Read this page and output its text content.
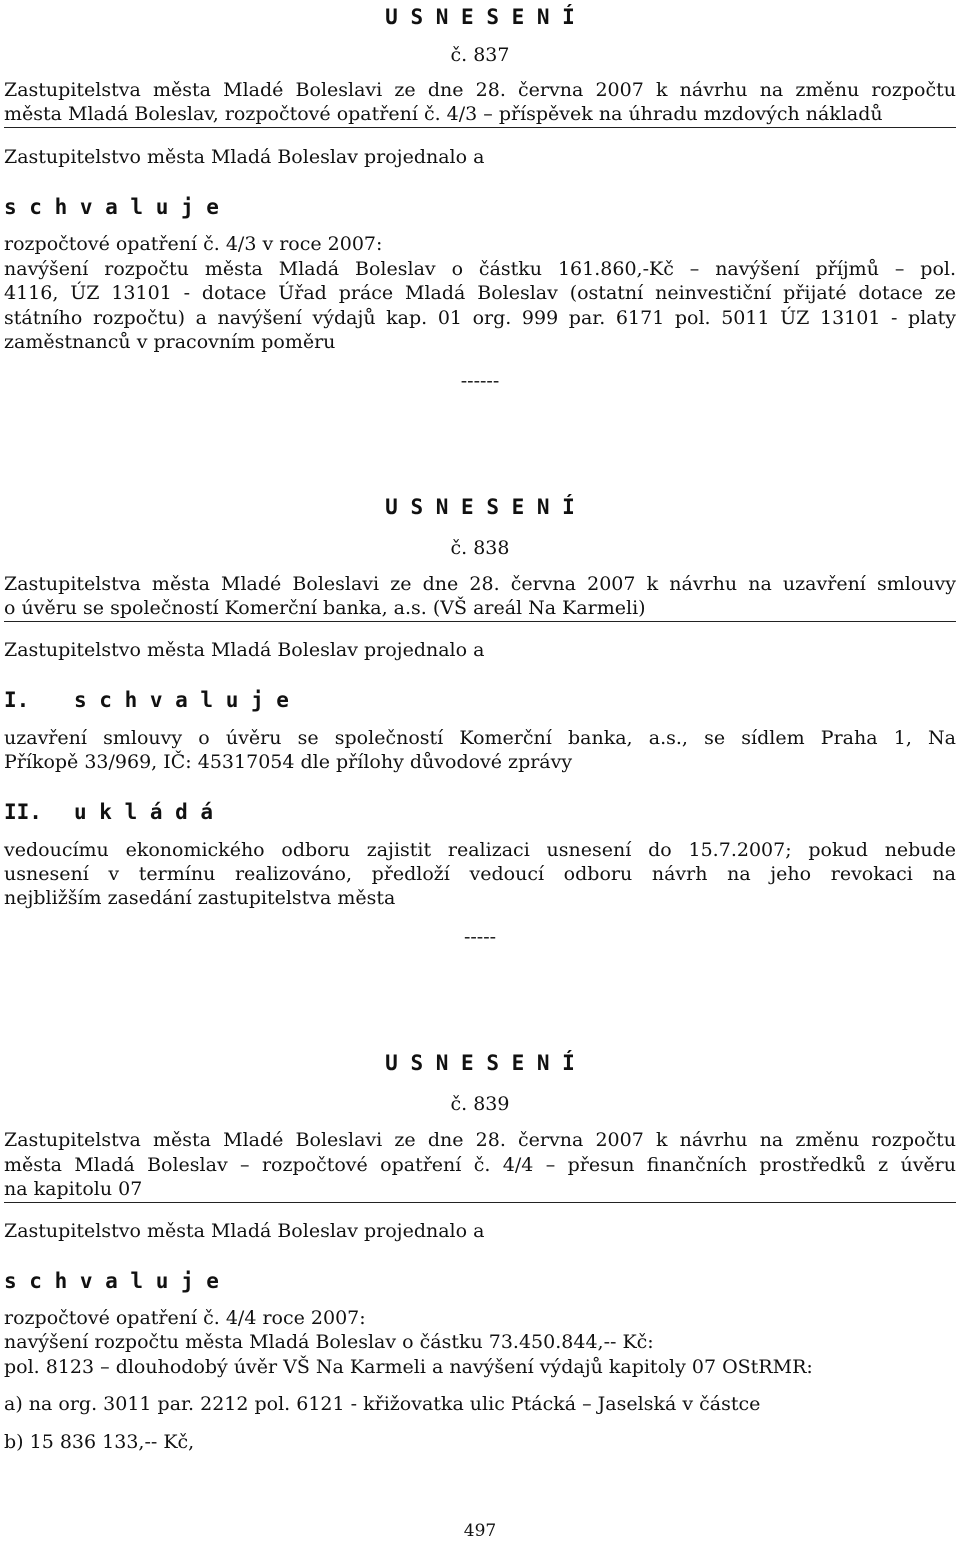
U S N E S E N Í
č. 837
Zastupitelstva města Mladé Boleslavi ze dne 28. června 2007 k návrhu na změnu rozpočtu
města Mladá Boleslav, rozpočtové opatření č. 4/3 – příspěvek na úhradu mzdových nákladů
Zastupitelstvo města Mladá Boleslav projednalo a
s c h v a l u j e
rozpočtové opatření č. 4/3 v roce 2007:
navýšení rozpočtu města Mladá Boleslav o částku 161.860,-Kč – navýšení příjmů – pol.
4116, ÚZ 13101 - dotace Úřad práce Mladá Boleslav (ostatní neinvestiční přijaté dotace ze
státního rozpočtu) a navýšení výdajů kap. 01 org. 999 par. 6171 pol. 5011 ÚZ 13101 - platy
zaměstnanců v pracovním poměru
------
U S N E S E N Í
č. 838
Zastupitelstva města Mladé Boleslavi ze dne 28. června 2007 k návrhu na uzavření smlouvy
o úvěru se společností Komerční banka, a.s. (VŠ areál Na Karmeli)
Zastupitelstvo města Mladá Boleslav projednalo a
I.	s c h v a l u j e
uzavření smlouvy o úvěru se společností Komerční banka, a.s., se sídlem Praha 1, Na
Příkopě 33/969, IČ: 45317054 dle přílohy důvodové zprávy
II.	u k l á d á
vedoucímu ekonomického odboru zajistit realizaci usnesení do 15.7.2007; pokud nebude
usnesení v termínu realizováno, předloží vedoucí odboru návrh na jeho revokaci na
nejbližším zasedání zastupitelstva města
-----
U S N E S E N Í
č. 839
Zastupitelstva města Mladé Boleslavi ze dne 28. června 2007 k návrhu na změnu rozpočtu
města Mladá Boleslav – rozpočtové opatření č. 4/4 – přesun finančních prostředků z úvěru
na kapitolu 07
Zastupitelstvo města Mladá Boleslav projednalo a
s c h v a l u j e
rozpočtové opatření č. 4/4 roce 2007:
navýšení rozpočtu města Mladá Boleslav o částku 73.450.844,-- Kč:
pol. 8123 – dlouhodobý úvěr VŠ Na Karmeli a navýšení výdajů kapitoly 07 OStRMR:
a) na org. 3011 par. 2212 pol. 6121 - křižovatka ulic Ptácká – Jaselská v částce
b) 15 836 133,-- Kč,
497
